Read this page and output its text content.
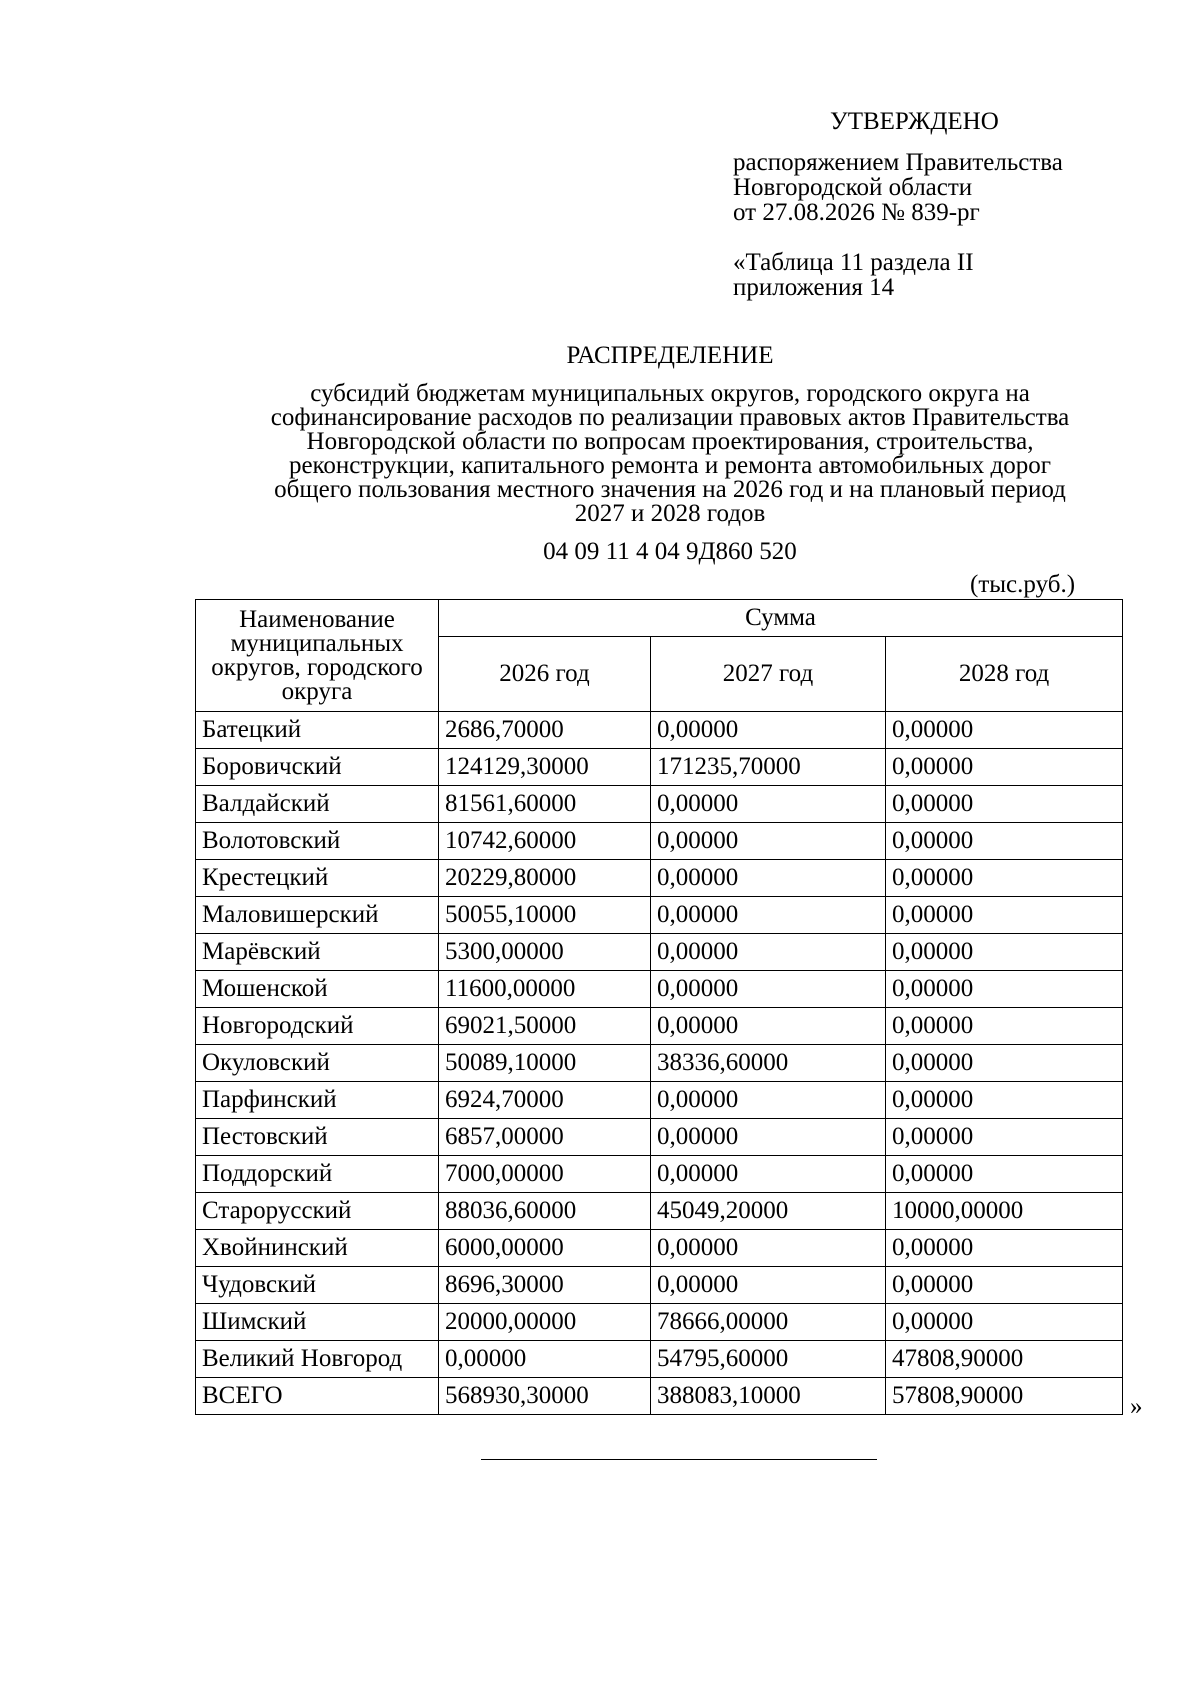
УТВЕРЖДЕНО
распоряжением Правительства
Новгородской области
от 27.08.2026 № 839-рг
«Таблица 11 раздела II
приложения 14
РАСПРЕДЕЛЕНИЕ
субсидий бюджетам муниципальных округов, городского округа на
софинансирование расходов по реализации правовых актов Правительства
Новгородской области по вопросам проектирования, строительства,
реконструкции, капитального ремонта и ремонта автомобильных дорог
общего пользования местного значения на 2026 год и на плановый период
2027 и 2028 годов
04 09 11 4 04 9Д860 520
(тыс.руб.)
Наименование муниципальных округов, городского округа	Сумма		
	2026 год	2027 год	2028 год
Батецкий	2686,70000	0,00000	0,00000
Боровичский	124129,30000	171235,70000	0,00000
Валдайский	81561,60000	0,00000	0,00000
Волотовский	10742,60000	0,00000	0,00000
Крестецкий	20229,80000	0,00000	0,00000
Маловишерский	50055,10000	0,00000	0,00000
Марёвский	5300,00000	0,00000	0,00000
Мошенской	11600,00000	0,00000	0,00000
Новгородский	69021,50000	0,00000	0,00000
Окуловский	50089,10000	38336,60000	0,00000
Парфинский	6924,70000	0,00000	0,00000
Пестовский	6857,00000	0,00000	0,00000
Поддорский	7000,00000	0,00000	0,00000
Старорусский	88036,60000	45049,20000	10000,00000
Хвойнинский	6000,00000	0,00000	0,00000
Чудовский	8696,30000	0,00000	0,00000
Шимский	20000,00000	78666,00000	0,00000
Великий Новгород	0,00000	54795,60000	47808,90000
ВСЕГО	568930,30000	388083,10000	57808,90000	»
